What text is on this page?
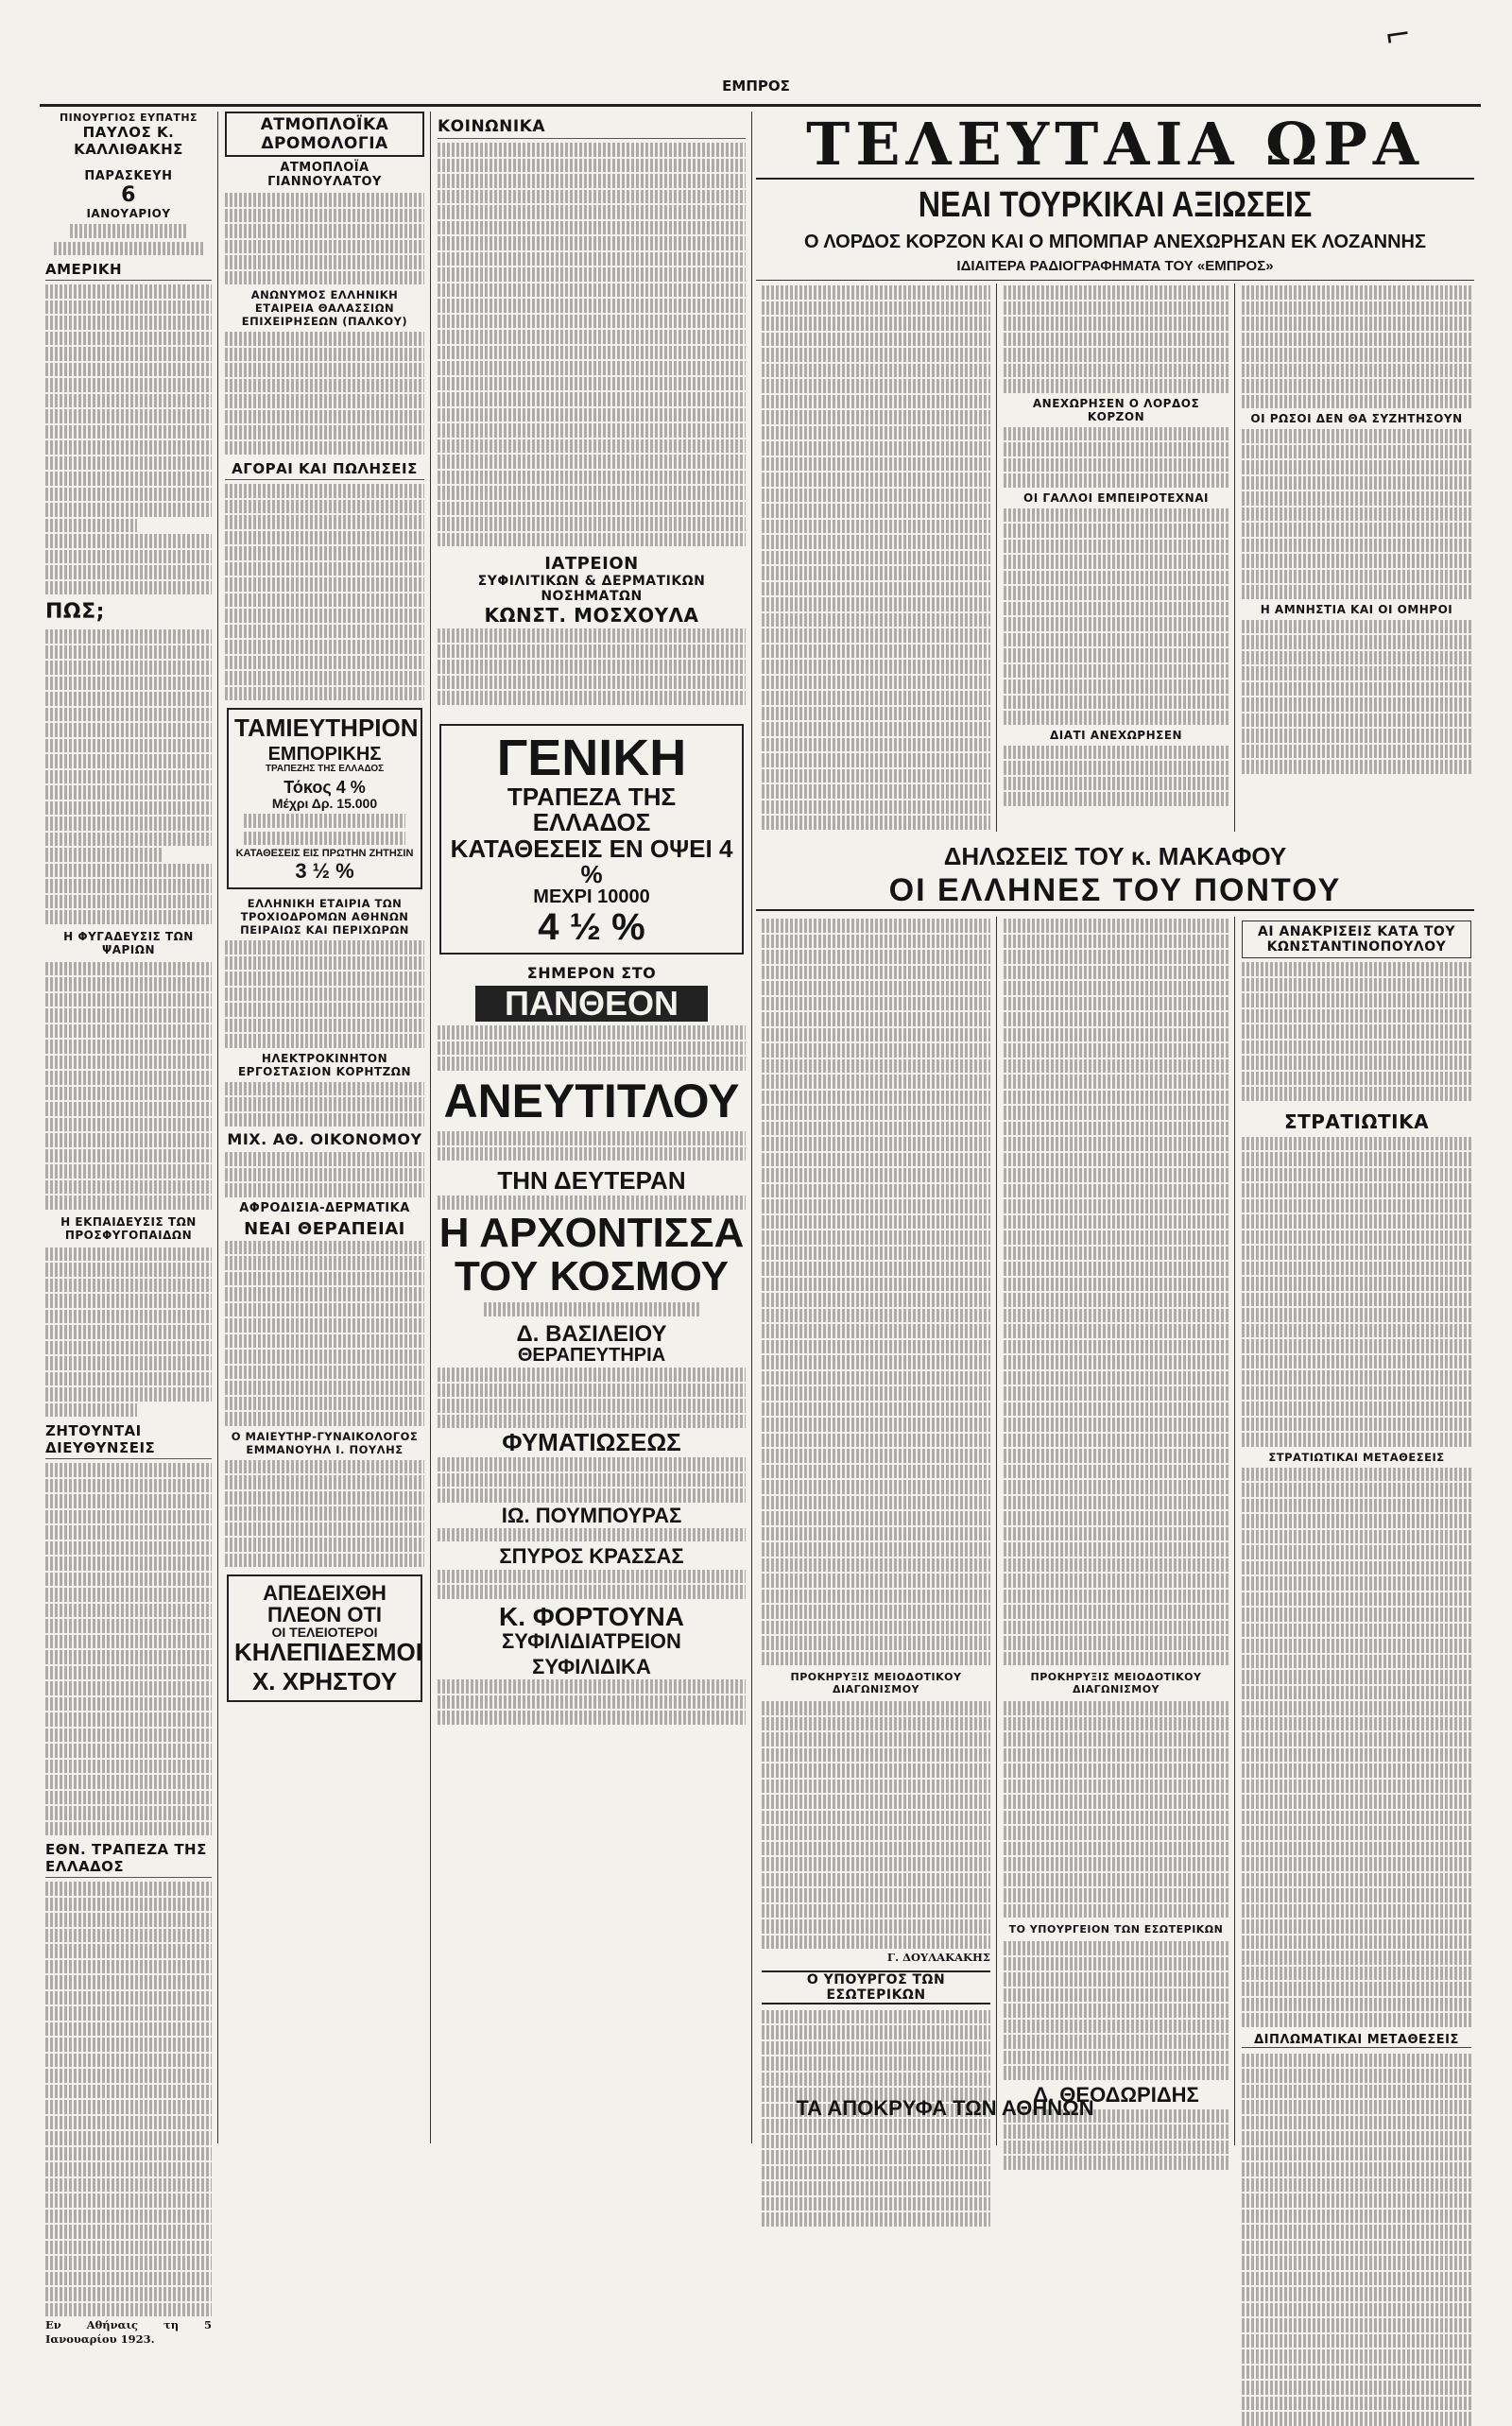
⌐
ΕΜΠΡΟΣ
ΠΙΝΟΥΡΓΙΟΣ ΕΥΠΑΤΗΣ
ΠΑΥΛΟΣ Κ. ΚΑΛΛΙΘΑΚΗΣ
ΠΑΡΑΣΚΕΥΗ
6
ΙΑΝΟΥΑΡΙΟΥ
ΑΜΕΡΙΚΗ
ΠΩΣ;
Η ΦΥΓΑΔΕΥΣΙΣ ΤΩΝ ΨΑΡΙΩΝ
Η ΕΚΠΑΙΔΕΥΣΙΣ ΤΩΝ ΠΡΟΣΦΥΓΟΠΑΙΔΩΝ
ΖΗΤΟΥΝΤΑΙ ΔΙΕΥΘΥΝΣΕΙΣ
ΕΘΝ. ΤΡΑΠΕΖΑ ΤΗΣ ΕΛΛΑΔΟΣ
Εν Αθήναις τη 5 Ιανουαρίου 1923.
ΑΤΜΟΠΛΟΪΚΑ ΔΡΟΜΟΛΟΓΙΑ
ΑΤΜΟΠΛΟΪΑ ΓΙΑΝΝΟΥΛΑΤΟΥ
ΑΝΩΝΥΜΟΣ ΕΛΛΗΝΙΚΗ ΕΤΑΙΡΕΙΑ ΘΑΛΑΣΣΙΩΝ ΕΠΙΧΕΙΡΗΣΕΩΝ (ΠΑΛΚΟΥ)
ΑΓΟΡΑΙ ΚΑΙ ΠΩΛΗΣΕΙΣ
ΤΑΜΙΕΥΤΗΡΙΟΝ
ΕΜΠΟΡΙΚΗΣ
ΤΡΑΠΕΖΗΣ ΤΗΣ ΕΛΛΑΔΟΣ
Τόκος 4 %
Μέχρι Δρ. 15.000
ΚΑΤΑΘΕΣΕΙΣ ΕΙΣ ΠΡΩΤΗΝ ΖΗΤΗΣΙΝ
3 ½ %
ΕΛΛΗΝΙΚΗ ΕΤΑΙΡΙΑ ΤΩΝ ΤΡΟΧΙΟΔΡΟΜΩΝ ΑΘΗΝΩΝ ΠΕΙΡΑΙΩΣ ΚΑΙ ΠΕΡΙΧΩΡΩΝ
ΗΛΕΚΤΡΟΚΙΝΗΤΟΝ ΕΡΓΟΣΤΑΣΙΟΝ ΚΟΡΗΤΖΩΝ
ΜΙΧ. ΑΘ. ΟΙΚΟΝΟΜΟΥ
ΑΦΡΟΔΙΣΙΑ-ΔΕΡΜΑΤΙΚΑ
ΝΕΑΙ ΘΕΡΑΠΕΙΑΙ
Ο ΜΑΙΕΥΤΗΡ-ΓΥΝΑΙΚΟΛΟΓΟΣ ΕΜΜΑΝΟΥΗΛ Ι. ΠΟΥΛΗΣ
ΑΠΕΔΕΙΧΘΗ ΠΛΕΟΝ ΟΤΙ
ΟΙ ΤΕΛΕΙΟΤΕΡΟΙ
ΚΗΛΕΠΙΔΕΣΜΟΙ
Χ. ΧΡΗΣΤΟΥ
ΚΟΙΝΩΝΙΚΑ
ΙΑΤΡΕΙΟΝ
ΣΥΦΙΛΙΤΙΚΩΝ & ΔΕΡΜΑΤΙΚΩΝ ΝΟΣΗΜΑΤΩΝ
ΚΩΝΣΤ. ΜΟΣΧΟΥΛΑ
ΓΕΝΙΚΗ
ΤΡΑΠΕΖΑ ΤΗΣ ΕΛΛΑΔΟΣ
ΚΑΤΑΘΕΣΕΙΣ ΕΝ ΟΨΕΙ 4 %
ΜΕΧΡΙ 10000
4 ½ %
ΣΗΜΕΡΟΝ ΣΤΟ
ΠΑΝΘΕΟΝ
ΑΝΕΥΤΙΤΛΟΥ
ΤΗΝ ΔΕΥΤΕΡΑΝ
Η ΑΡΧΟΝΤΙΣΣΑ ΤΟΥ ΚΟΣΜΟΥ
Δ. ΒΑΣΙΛΕΙΟΥ
ΘΕΡΑΠΕΥΤΗΡΙΑ
ΦΥΜΑΤΙΩΣΕΩΣ
ΙΩ. ΠΟΥΜΠΟΥΡΑΣ
ΣΠΥΡΟΣ ΚΡΑΣΣΑΣ
Κ. ΦΟΡΤΟΥΝΑ
ΣΥΦΙΛΙΔΙΑΤΡΕΙΟΝ
ΣΥΦΙΛΙΔΙΚΑ
ΤΕΛΕΥΤΑΙΑ ΩΡΑ
ΝΕΑΙ ΤΟΥΡΚΙΚΑΙ ΑΞΙΩΣΕΙΣ
Ο ΛΟΡΔΟΣ ΚΟΡΖΟΝ ΚΑΙ Ο ΜΠΟΜΠΑΡ ΑΝΕΧΩΡΗΣΑΝ ΕΚ ΛΟΖΑΝΝΗΣ
ΙΔΙΑΙΤΕΡΑ ΡΑΔΙΟΓΡΑΦΗΜΑΤΑ ΤΟΥ «ΕΜΠΡΟΣ»
ΑΝΕΧΩΡΗΣΕΝ Ο ΛΟΡΔΟΣ ΚΟΡΖΟΝ
ΟΙ ΓΑΛΛΟΙ ΕΜΠΕΙΡΟΤΕΧΝΑΙ
ΔΙΑΤΙ ΑΝΕΧΩΡΗΣΕΝ
ΟΙ ΡΩΣΟΙ ΔΕΝ ΘΑ ΣΥΖΗΤΗΣΟΥΝ
Η ΑΜΝΗΣΤΙΑ ΚΑΙ ΟΙ ΟΜΗΡΟΙ
ΔΗΛΩΣΕΙΣ ΤΟΥ κ. ΜΑΚΑΦΟΥ
ΟΙ ΕΛΛΗΝΕΣ ΤΟΥ ΠΟΝΤΟΥ
ΠΡΟΚΗΡΥΞΙΣ ΜΕΙΟΔΟΤΙΚΟΥ ΔΙΑΓΩΝΙΣΜΟΥ
Γ. ΔΟΥΛΑΚΑΚΗΣ
Ο ΥΠΟΥΡΓΟΣ ΤΩΝ ΕΣΩΤΕΡΙΚΩΝ
ΠΡΟΚΗΡΥΞΙΣ ΜΕΙΟΔΟΤΙΚΟΥ ΔΙΑΓΩΝΙΣΜΟΥ
ΤΟ ΥΠΟΥΡΓΕΙΟΝ ΤΩΝ ΕΣΩΤΕΡΙΚΩΝ
Δ. ΘΕΟΔΩΡΙΔΗΣ
ΑΙ ΑΝΑΚΡΙΣΕΙΣ ΚΑΤΑ ΤΟΥ ΚΩΝΣΤΑΝΤΙΝΟΠΟΥΛΟΥ
ΣΤΡΑΤΙΩΤΙΚΑ
ΣΤΡΑΤΙΩΤΙΚΑΙ ΜΕΤΑΘΕΣΕΙΣ
ΔΙΠΛΩΜΑΤΙΚΑΙ ΜΕΤΑΘΕΣΕΙΣ
ΤΑ ΑΠΟΚΡΥΦΑ ΤΩΝ ΑΘΗΝΩΝ
